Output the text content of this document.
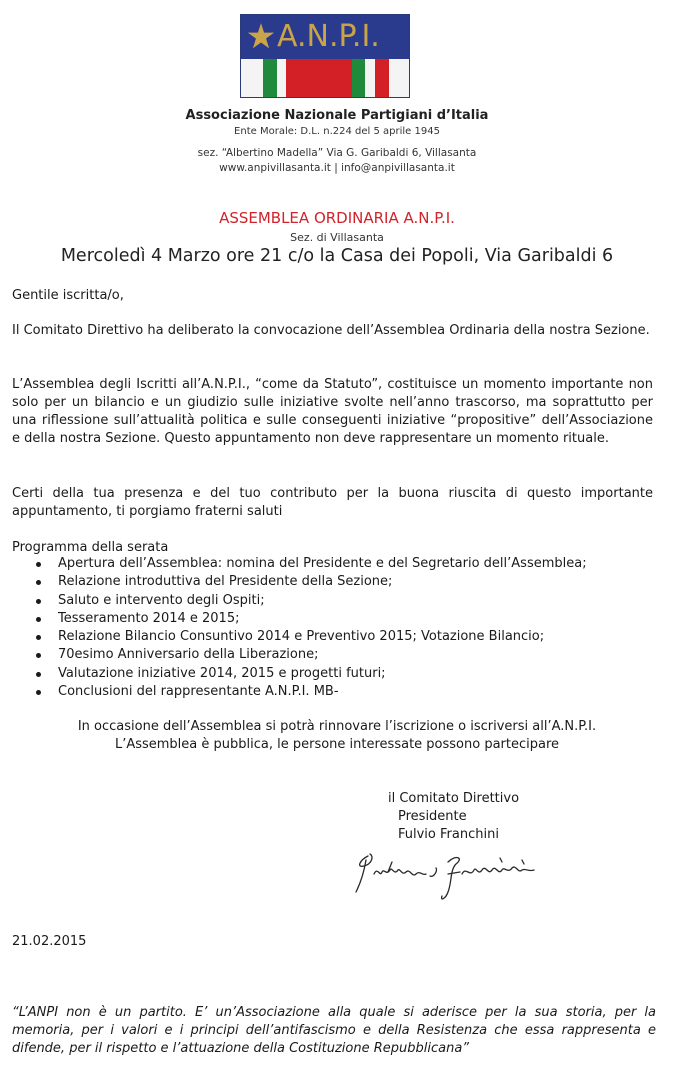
A.N.P.I.
Associazione Nazionale Partigiani d’Italia
Ente Morale: D.L. n.224 del 5 aprile 1945
sez. “Albertino Madella” Via G. Garibaldi 6, Villasanta
www.anpivillasanta.it | info@anpivillasanta.it
ASSEMBLEA ORDINARIA A.N.P.I.
Sez. di Villasanta
Mercoledì 4 Marzo ore 21 c/o la Casa dei Popoli, Via Garibaldi 6
Gentile iscritta/o,
Il Comitato Direttivo ha deliberato la convocazione dell’Assemblea Ordinaria della nostra Sezione.
L’Assemblea degli Iscritti all’A.N.P.I., “come da Statuto”, costituisce un momento importante non solo per un bilancio e un giudizio sulle iniziative svolte nell’anno trascorso, ma soprattutto per una riflessione sull’attualità politica e sulle conseguenti iniziative “propositive” dell’Associazione e della nostra Sezione. Questo appuntamento non deve rappresentare un momento rituale.
Certi della tua presenza e del tuo contributo per la buona riuscita di questo importante appuntamento, ti porgiamo fraterni saluti
Programma della serata
Apertura dell’Assemblea: nomina del Presidente e del Segretario dell’Assemblea;
Relazione introduttiva del Presidente della Sezione;
Saluto e intervento degli Ospiti;
Tesseramento 2014 e 2015;
Relazione Bilancio Consuntivo 2014 e Preventivo 2015; Votazione Bilancio;
70esimo Anniversario della Liberazione;
Valutazione iniziative 2014, 2015 e progetti futuri;
Conclusioni del rappresentante A.N.P.I. MB-
In occasione dell’Assemblea si potrà rinnovare l’iscrizione o iscriversi all’A.N.P.I.
L’Assemblea è pubblica, le persone interessate possono partecipare
il Comitato Direttivo
Presidente
Fulvio Franchini
21.02.2015
“L’ANPI non è un partito. E’ un’Associazione alla quale si aderisce per la sua storia, per la memoria, per i valori e i principi dell’antifascismo e della Resistenza che essa rappresenta e difende, per il rispetto e l’attuazione della Costituzione Repubblicana”
